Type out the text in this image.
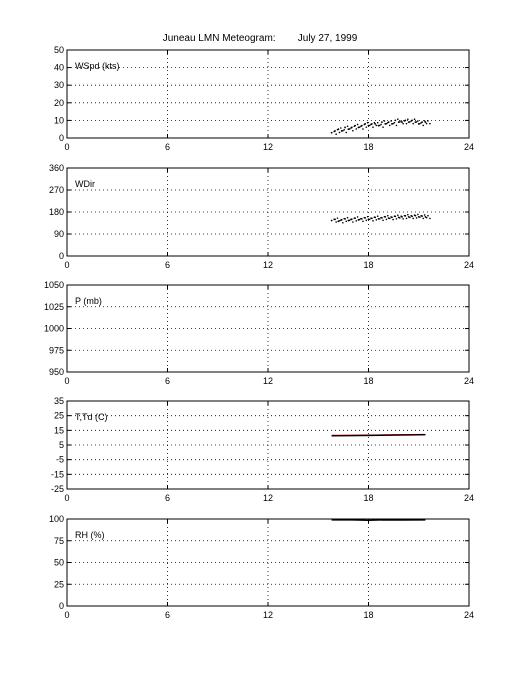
Juneau LMN Meteogram:        July 27, 1999
0	6	12	18	24
0
10
20
30
40
50
WSpd (kts)
0	6	12	18	24
0
90
180
270
360
WDir
0	6	12	18	24
950
975
1000
1025
1050
P (mb)
0	6	12	18	24
-25
-15
-5
5
15
25
35
T,Td (C)
0	6	12	18	24
0
25
50
75
100
RH (%)
